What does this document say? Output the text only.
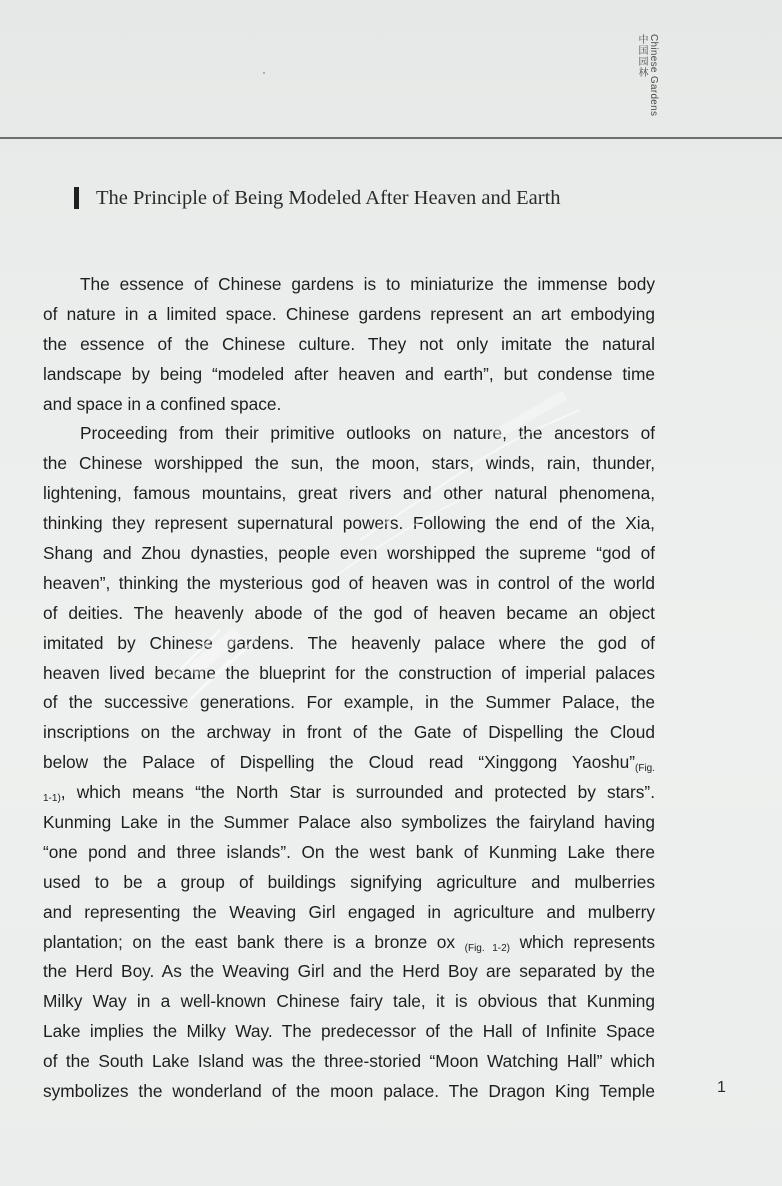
Chinese Gardens
中国园林
The Principle of Being Modeled After Heaven and Earth
The essence of Chinese gardens is to miniaturize the immense body
of nature in a limited space. Chinese gardens represent an art embodying
the essence of the Chinese culture. They not only imitate the natural
landscape by being “modeled after heaven and earth”, but condense time
and space in a confined space.
Proceeding from their primitive outlooks on nature, the ancestors of
the Chinese worshipped the sun, the moon, stars, winds, rain, thunder,
lightening, famous mountains, great rivers and other natural phenomena,
thinking they represent supernatural powers. Following the end of the Xia,
Shang and Zhou dynasties, people even worshipped the supreme “god of
heaven”, thinking the mysterious god of heaven was in control of the world
of deities. The heavenly abode of the god of heaven became an object
imitated by Chinese gardens. The heavenly palace where the god of
heaven lived became the blueprint for the construction of imperial palaces
of the successive generations. For example, in the Summer Palace, the
inscriptions on the archway in front of the Gate of Dispelling the Cloud
below the Palace of Dispelling the Cloud read “Xinggong Yaoshu”(Fig.
1-1), which means “the North Star is surrounded and protected by stars”.
Kunming Lake in the Summer Palace also symbolizes the fairyland having
“one pond and three islands”. On the west bank of Kunming Lake there
used to be a group of buildings signifying agriculture and mulberries
and representing the Weaving Girl engaged in agriculture and mulberry
plantation; on the east bank there is a bronze ox (Fig. 1-2) which represents
the Herd Boy. As the Weaving Girl and the Herd Boy are separated by the
Milky Way in a well-known Chinese fairy tale, it is obvious that Kunming
Lake implies the Milky Way. The predecessor of the Hall of Infinite Space
of the South Lake Island was the three-storied “Moon Watching Hall” which
symbolizes the wonderland of the moon palace. The Dragon King Temple	1
